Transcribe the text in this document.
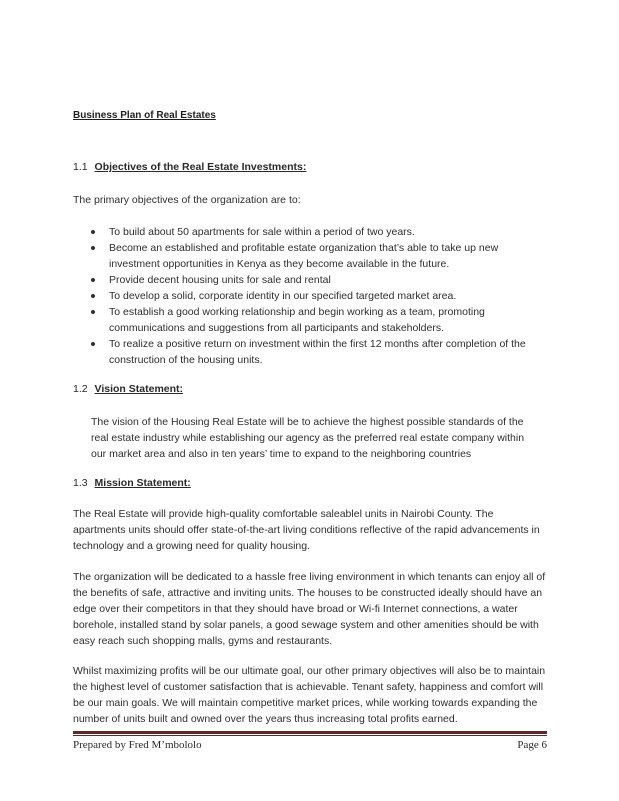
Business Plan of Real Estates
1.1 Objectives of the Real Estate Investments:

The primary objectives of the organization are to:

To build about 50 apartments for sale within a period of two years.
Become an established and profitable estate organization that’s able to take up new investment opportunities in Kenya as they become available in the future.
Provide decent housing units for sale and rental
To develop a solid, corporate identity in our specified targeted market area.
To establish a good working relationship and begin working as a team, promoting communications and suggestions from all participants and stakeholders.
To realize a positive return on investment within the first 12 months after completion of the construction of the housing units.
1.2 Vision Statement:

The vision of the Housing Real Estate will be to achieve the highest possible standards of the real estate industry while establishing our agency as the preferred real estate company within our market area and also in ten years’ time to expand to the neighboring countries

1.3 Mission Statement:

The Real Estate will provide high-quality comfortable saleablel units in Nairobi County. The apartments units should offer state-of-the-art living conditions reflective of the rapid advancements in technology and a growing need for quality housing.

The organization will be dedicated to a hassle free living environment in which tenants can enjoy all of the benefits of safe, attractive and inviting units. The houses to be constructed ideally should have an edge over their competitors in that they should have broad or Wi-fi Internet connections, a water borehole, installed stand by solar panels, a good sewage system and other amenities should be with easy reach such shopping malls, gyms and restaurants.

Whilst maximizing profits will be our ultimate goal, our other primary objectives will also be to maintain the highest level of customer satisfaction that is achievable. Tenant safety, happiness and comfort will be our main goals. We will maintain competitive market prices, while working towards expanding the number of units built and owned over the years thus increasing total profits earned.

Prepared by Fred M’mbololo	Page 6
